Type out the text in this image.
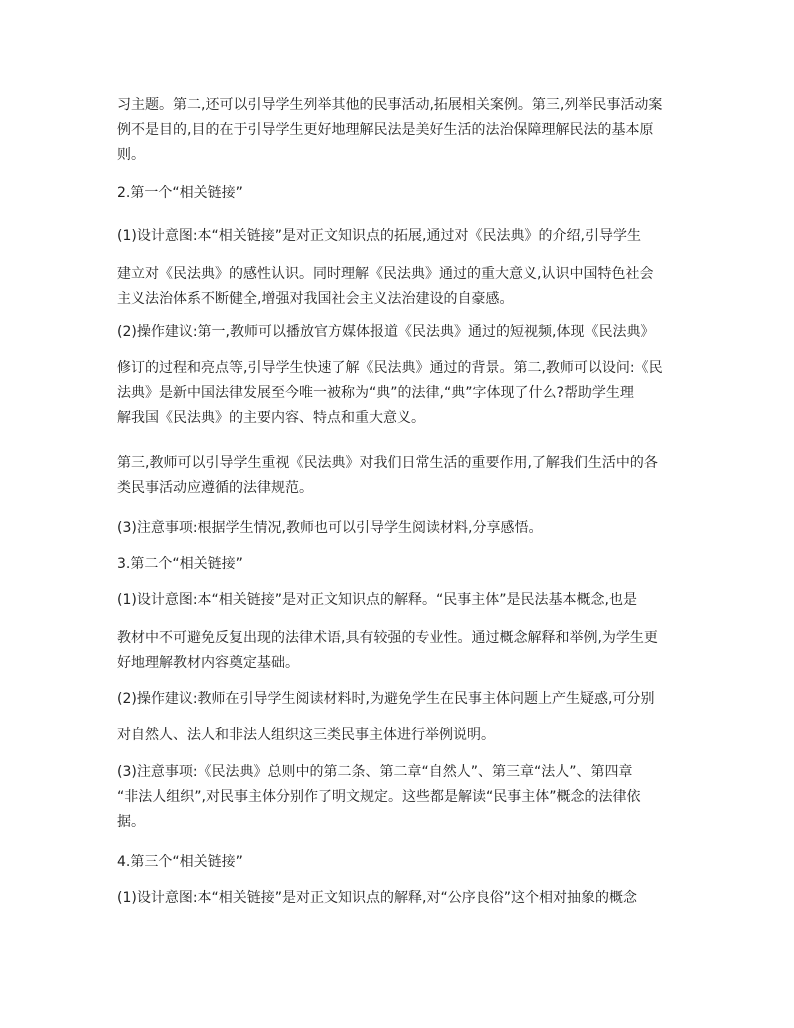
习主题。第二,还可以引导学生列举其他的民事活动,拓展相关案例。第三,列举民事活动案
例不是目的,目的在于引导学生更好地理解民法是美好生活的法治保障理解民法的基本原
则。
2.第一个“相关链接”
(1)设计意图:本“相关链接”是对正文知识点的拓展,通过对《民法典》的介绍,引导学生
建立对《民法典》的感性认识。同时理解《民法典》通过的重大意义,认识中国特色社会
主义法治体系不断健全,增强对我国社会主义法治建设的自豪感。
(2)操作建议:第一,教师可以播放官方媒体报道《民法典》通过的短视频,体现《民法典》
修订的过程和亮点等,引导学生快速了解《民法典》通过的背景。第二,教师可以设问:《民
法典》是新中国法律发展至今唯一被称为“典”的法律,“典”字体现了什么?帮助学生理
解我国《民法典》的主要内容、特点和重大意义。
第三,教师可以引导学生重视《民法典》对我们日常生活的重要作用,了解我们生活中的各
类民事活动应遵循的法律规范。
(3)注意事项:根据学生情况,教师也可以引导学生阅读材料,分享感悟。
3.第二个“相关链接”
(1)设计意图:本“相关链接”是对正文知识点的解释。“民事主体”是民法基本概念,也是
教材中不可避免反复出现的法律术语,具有较强的专业性。通过概念解释和举例,为学生更
好地理解教材内容奠定基础。
(2)操作建议:教师在引导学生阅读材料时,为避免学生在民事主体问题上产生疑惑,可分别
对自然人、法人和非法人组织这三类民事主体进行举例说明。
(3)注意事项:《民法典》总则中的第二条、第二章“自然人”、第三章“法人”、第四章
“非法人组织”,对民事主体分别作了明文规定。这些都是解读“民事主体”概念的法律依
据。
4.第三个“相关链接”
(1)设计意图:本“相关链接”是对正文知识点的解释,对“公序良俗”这个相对抽象的概念
